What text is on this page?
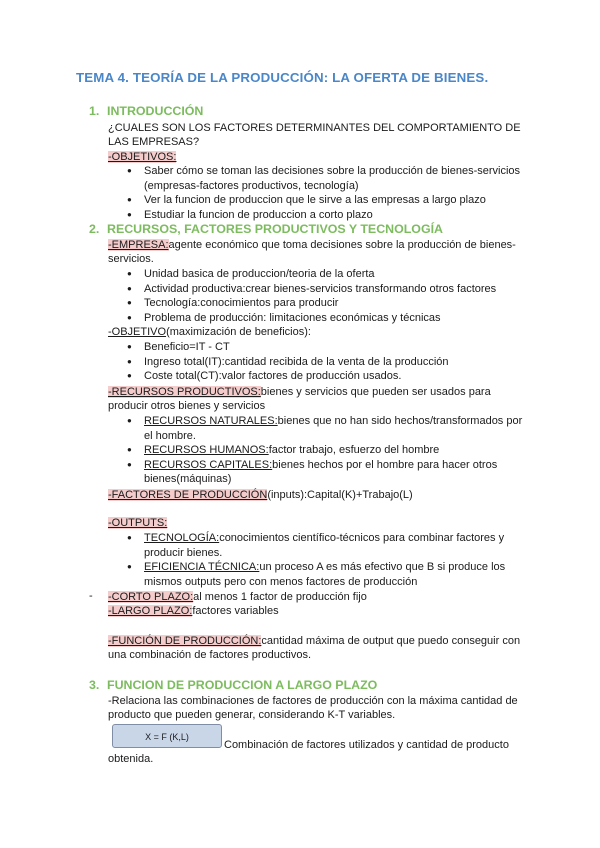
TEMA 4. TEORÍA DE LA PRODUCCIÓN: LA OFERTA DE BIENES.
1. INTRODUCCIÓN

¿CUALES SON LOS FACTORES DETERMINANTES DEL COMPORTAMIENTO DE LAS EMPRESAS?

-OBJETIVOS:

● Saber cómo se toman las decisiones sobre la producción de bienes-servicios (empresas-factores productivos, tecnología)
● Ver la funcion de produccion que le sirve a las empresas a largo plazo
● Estudiar la funcion de produccion a corto plazo
2. RECURSOS, FACTORES PRODUCTIVOS Y TECNOLOGÍA

-EMPRESA:agente económico que toma decisiones sobre la producción de bienes-servicios.

● Unidad basica de produccion/teoria de la oferta
● Actividad productiva:crear bienes-servicios transformando otros factores
● Tecnología:conocimientos para producir
● Problema de producción: limitaciones económicas y técnicas

-OBJETIVO(maximización de beneficios):

● Beneficio=IT - CT
● Ingreso total(IT):cantidad recibida de la venta de la producción
● Coste total(CT):valor factores de producción usados.

-RECURSOS PRODUCTIVOS:bienes y servicios que pueden ser usados para producir otros bienes y servicios

● RECURSOS NATURALES:bienes que no han sido hechos/transformados por el hombre.
● RECURSOS HUMANOS:factor trabajo, esfuerzo del hombre
● RECURSOS CAPITALES:bienes hechos por el hombre para hacer otros bienes(máquinas)

-FACTORES DE PRODUCCIÓN(inputs):Capital(K)+Trabajo(L)

-OUTPUTS:

● TECNOLOGÍA:conocimientos científico-técnicos para combinar factores y producir bienes.
● EFICIENCIA TÉCNICA:un proceso A es más efectivo que B si produce los mismos outputs pero con menos factores de producción
- -CORTO PLAZO:al menos 1 factor de producción fijo

-LARGO PLAZO:factores variables

-FUNCIÓN DE PRODUCCIÓN:cantidad máxima de output que puedo conseguir con una combinación de factores productivos.

3. FUNCION DE PRODUCCION A LARGO PLAZO

-Relaciona las combinaciones de factores de producción con la máxima cantidad de producto que pueden generar, considerando K-T variables.

X = F (K,L)

Combinación de factores utilizados y cantidad de producto obtenida.
